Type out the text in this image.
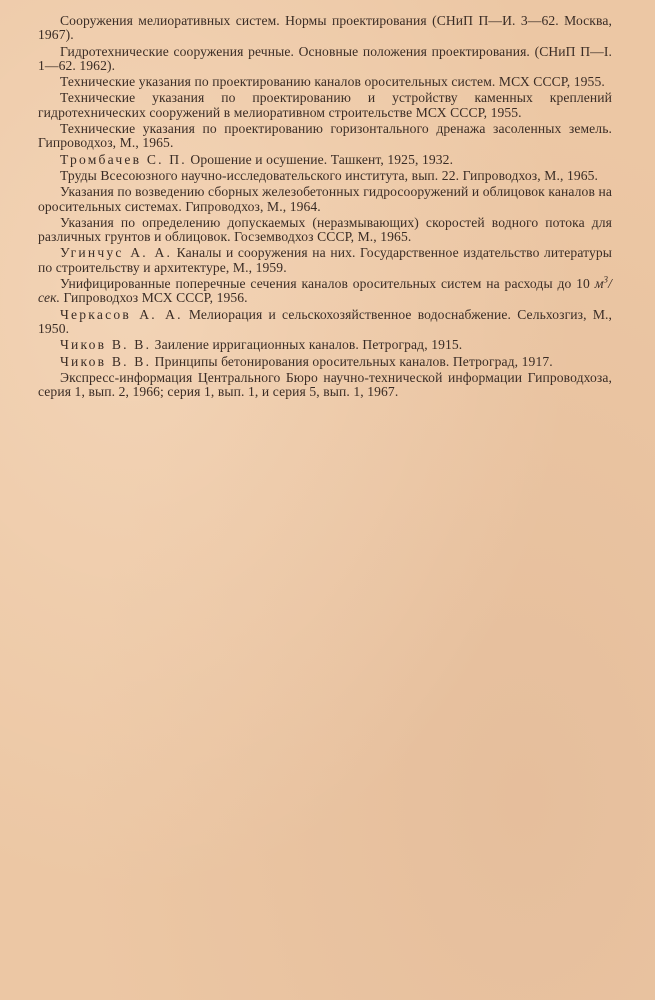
Сооружения мелиоративных систем. Нормы проектирования (СНиП П—И. 3—62. Москва, 1967).

Гидротехнические сооружения речные. Основные положения проектирования. (СНиП П—I. 1—62. 1962).

Технические указания по проектированию каналов оросительных систем. МСХ СССР, 1955.

Технические указания по проектированию и устройству каменных креплений гидротехнических сооружений в мелиоративном строительстве МСХ СССР, 1955.

Технические указания по проектированию горизонтального дренажа засоленных земель. Гипроводхоз, М., 1965.

Тромбачев С. П. Орошение и осушение. Ташкент, 1925, 1932.

Труды Всесоюзного научно-исследовательского института, вып. 22. Гипроводхоз, М., 1965.

Указания по возведению сборных железобетонных гидросооружений и облицовок каналов на оросительных системах. Гипроводхоз, М., 1964.

Указания по определению допускаемых (неразмывающих) скоростей водного потока для различных грунтов и облицовок. Госземводхоз СССР, М., 1965.

Угинчус А. А. Каналы и сооружения на них. Государственное издательство литературы по строительству и архитектуре, М., 1959.

Унифицированные поперечные сечения каналов оросительных систем на расходы до 10 $м^3$/сек. Гипроводхоз МСХ СССР, 1956.

Черкасов А. А. Мелиорация и сельскохозяйственное водоснабжение. Сельхозгиз, М., 1950.

Чиков В. В. Заиление ирригационных каналов. Петроград, 1915.

Чиков В. В. Принципы бетонирования оросительных каналов. Петроград, 1917.

Экспресс-информация Центрального Бюро научно-технической информации Гипроводхоза, серия 1, вып. 2, 1966; серия 1, вып. 1, и серия 5, вып. 1, 1967.
